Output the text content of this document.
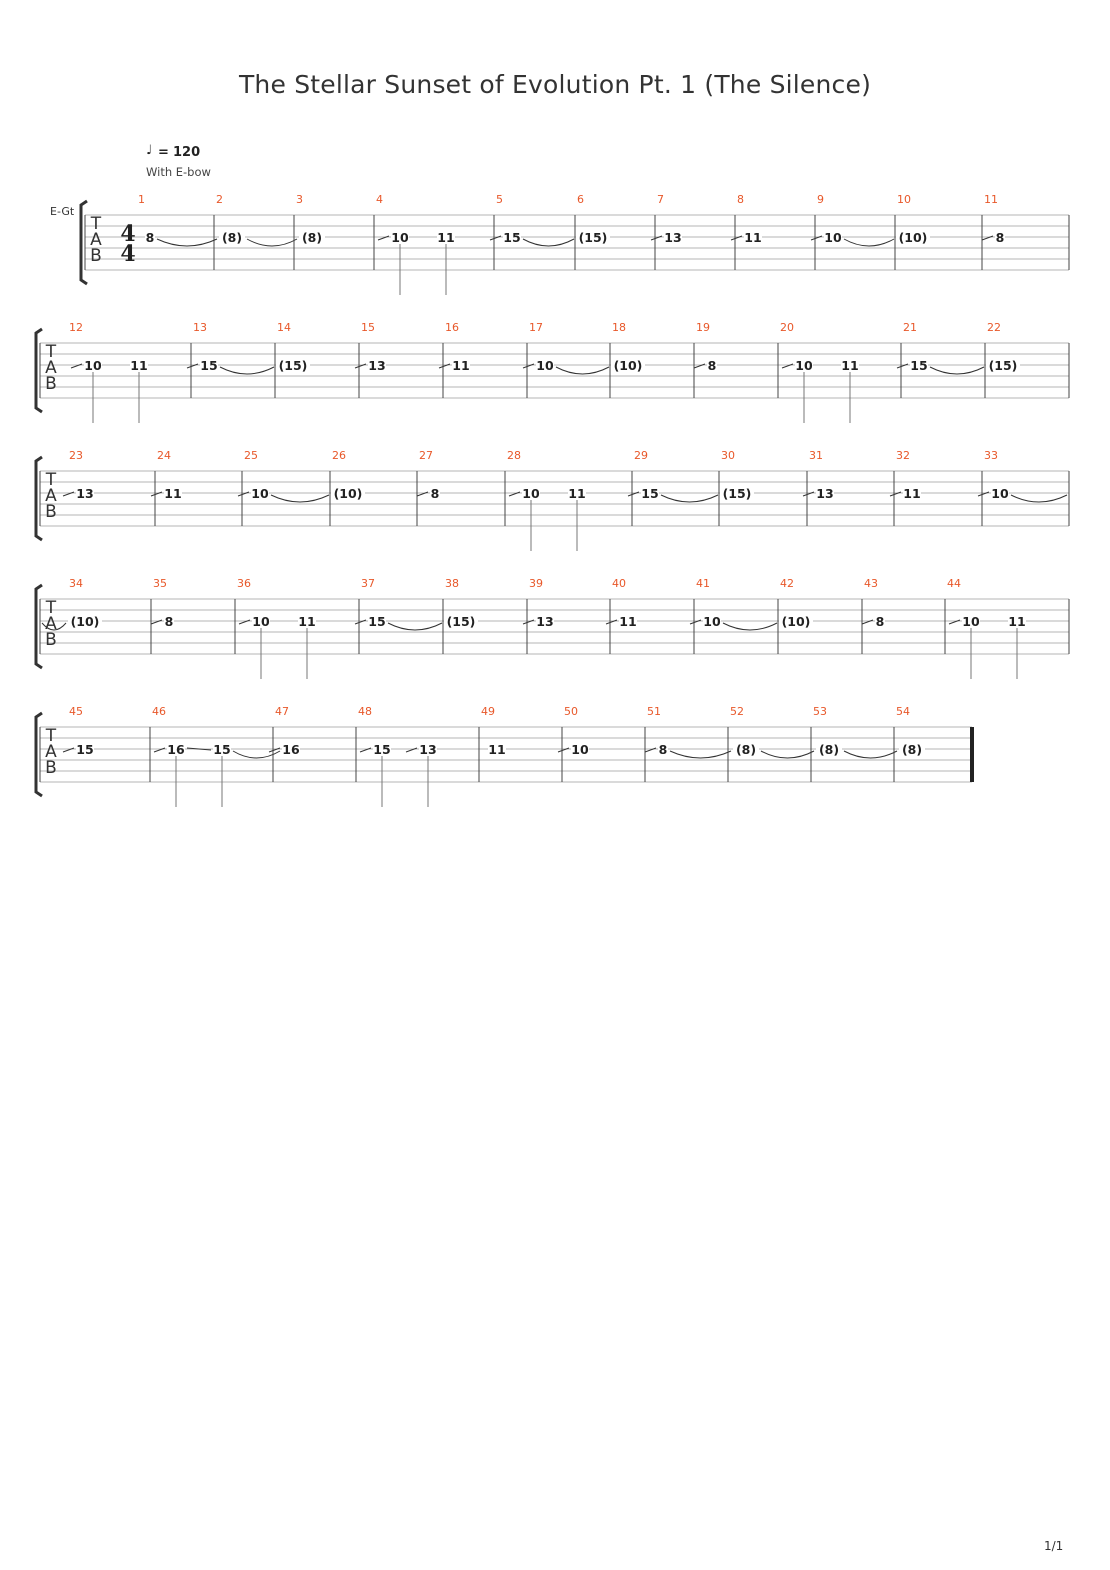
The Stellar Sunset of Evolution Pt. 1 (The Silence)
♩ = 120
With E-bow
T
A
B
E-Gt
4
4
1	2	3	4	5	6	7	8	9	10	11
8	(8)	(8)	10 11	15	(15)	13	11	10	(10)	8
T
A
B
12	13	14	15	16	17	18	19	20	21	22
10 11	15	(15)	13	11	10	(10)	8	10 11	15	(15)
T
A
B
23	24	25	26	27	28	29	30	31	32	33
13	11	10	(10)	8	10 11	15	(15)	13	11	10
T
A
B
34	35	36	37	38	39	40	41	42	43	44
(10)	8	10 11	15	(15)	13	11	10	(10)	8	10 11
T
A
B
45	46	47	48	49	50	51	52	53	54
15	16 15	16	15 13	11	10	8	(8)	(8)	(8)
1/1
